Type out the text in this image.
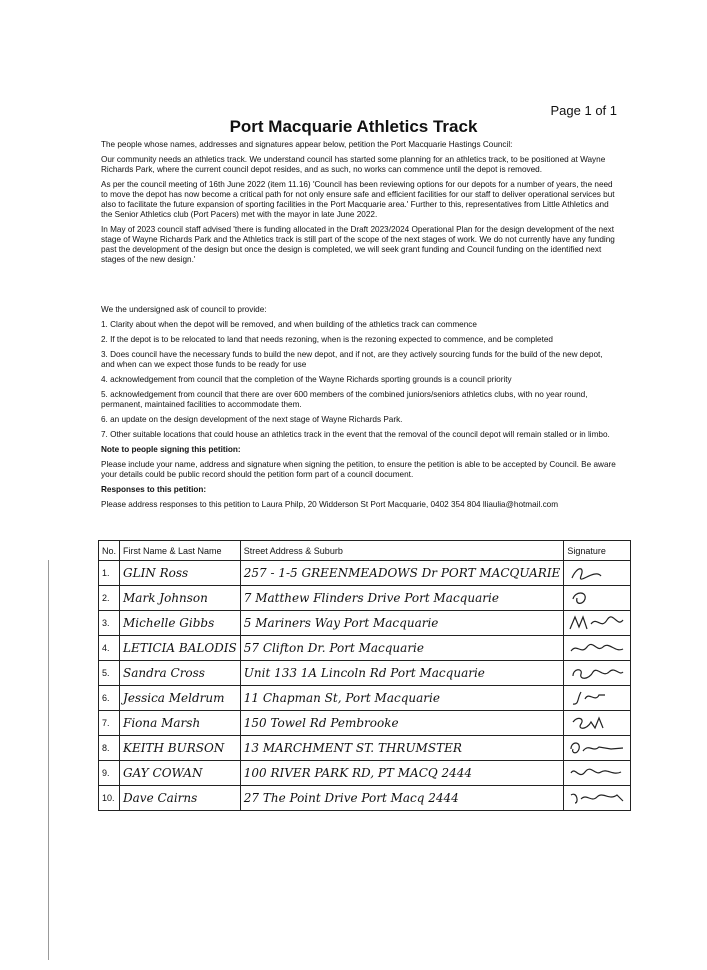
Page 1 of 1
Port Macquarie Athletics Track

The people whose names, addresses and signatures appear below, petition the Port Macquarie Hastings Council:

Our community needs an athletics track. We understand council has started some planning for an athletics track, to be positioned at Wayne Richards Park, where the current council depot resides, and as such, no works can commence until the depot is removed.

As per the council meeting of 16th June 2022 (item 11.16) 'Council has been reviewing options for our depots for a number of years, the need to move the depot has now become a critical path for not only ensure safe and efficient facilities for our staff to deliver operational services but also to facilitate the future expansion of sporting facilities in the Port Macquarie area.' Further to this, representatives from Little Athletics and the Senior Athletics club (Port Pacers) met with the mayor in late June 2022.

In May of 2023 council staff advised 'there is funding allocated in the Draft 2023/2024 Operational Plan for the design development of the next stage of Wayne Richards Park and the Athletics track is still part of the scope of the next stages of work. We do not currently have any funding past the development of the design but once the design is completed, we will seek grant funding and Council funding on the identified next stages of the new design.'

We the undersigned ask of council to provide:

1. Clarity about when the depot will be removed, and when building of the athletics track can commence

2. If the depot is to be relocated to land that needs rezoning, when is the rezoning expected to commence, and be completed

3. Does council have the necessary funds to build the new depot, and if not, are they actively sourcing funds for the build of the new depot, and when can we expect those funds to be ready for use

4. acknowledgement from council that the completion of the Wayne Richards sporting grounds is a council priority

5. acknowledgement from council that there are over 600 members of the combined juniors/seniors athletics clubs, with no year round, permanent, maintained facilities to accommodate them.

6. an update on the design development of the next stage of Wayne Richards Park.

7. Other suitable locations that could house an athletics track in the event that the removal of the council depot will remain stalled or in limbo.

Note to people signing this petition:

Please include your name, address and signature when signing the petition, to ensure the petition is able to be accepted by Council. Be aware your details could be public record should the petition form part of a council document.

Responses to this petition:

Please address responses to this petition to Laura Philp, 20 Widderson St Port Macquarie, 0402 354 804 lliaulia@hotmail.com

No.	First Name & Last Name	Street Address & Suburb	Signature
1.	GLIN Ross	257 - 1-5 GREENMEADOWS Dr PORT MACQUARIE	

2.	Mark Johnson	7 Matthew Flinders Drive Port Macquarie	

3.	Michelle Gibbs	5 Mariners Way Port Macquarie	

4.	LETICIA BALODIS	57 Clifton Dr. Port Macquarie	

5.	Sandra Cross	Unit 133 1A Lincoln Rd Port Macquarie	

6.	Jessica Meldrum	11 Chapman St, Port Macquarie	

7.	Fiona Marsh	150 Towel Rd Pembrooke	

8.	KEITH BURSON	13 MARCHMENT ST. THRUMSTER	

9.	GAY COWAN	100 RIVER PARK RD, PT MACQ 2444	

10.	Dave Cairns	27 The Point Drive Port Macq 2444	
